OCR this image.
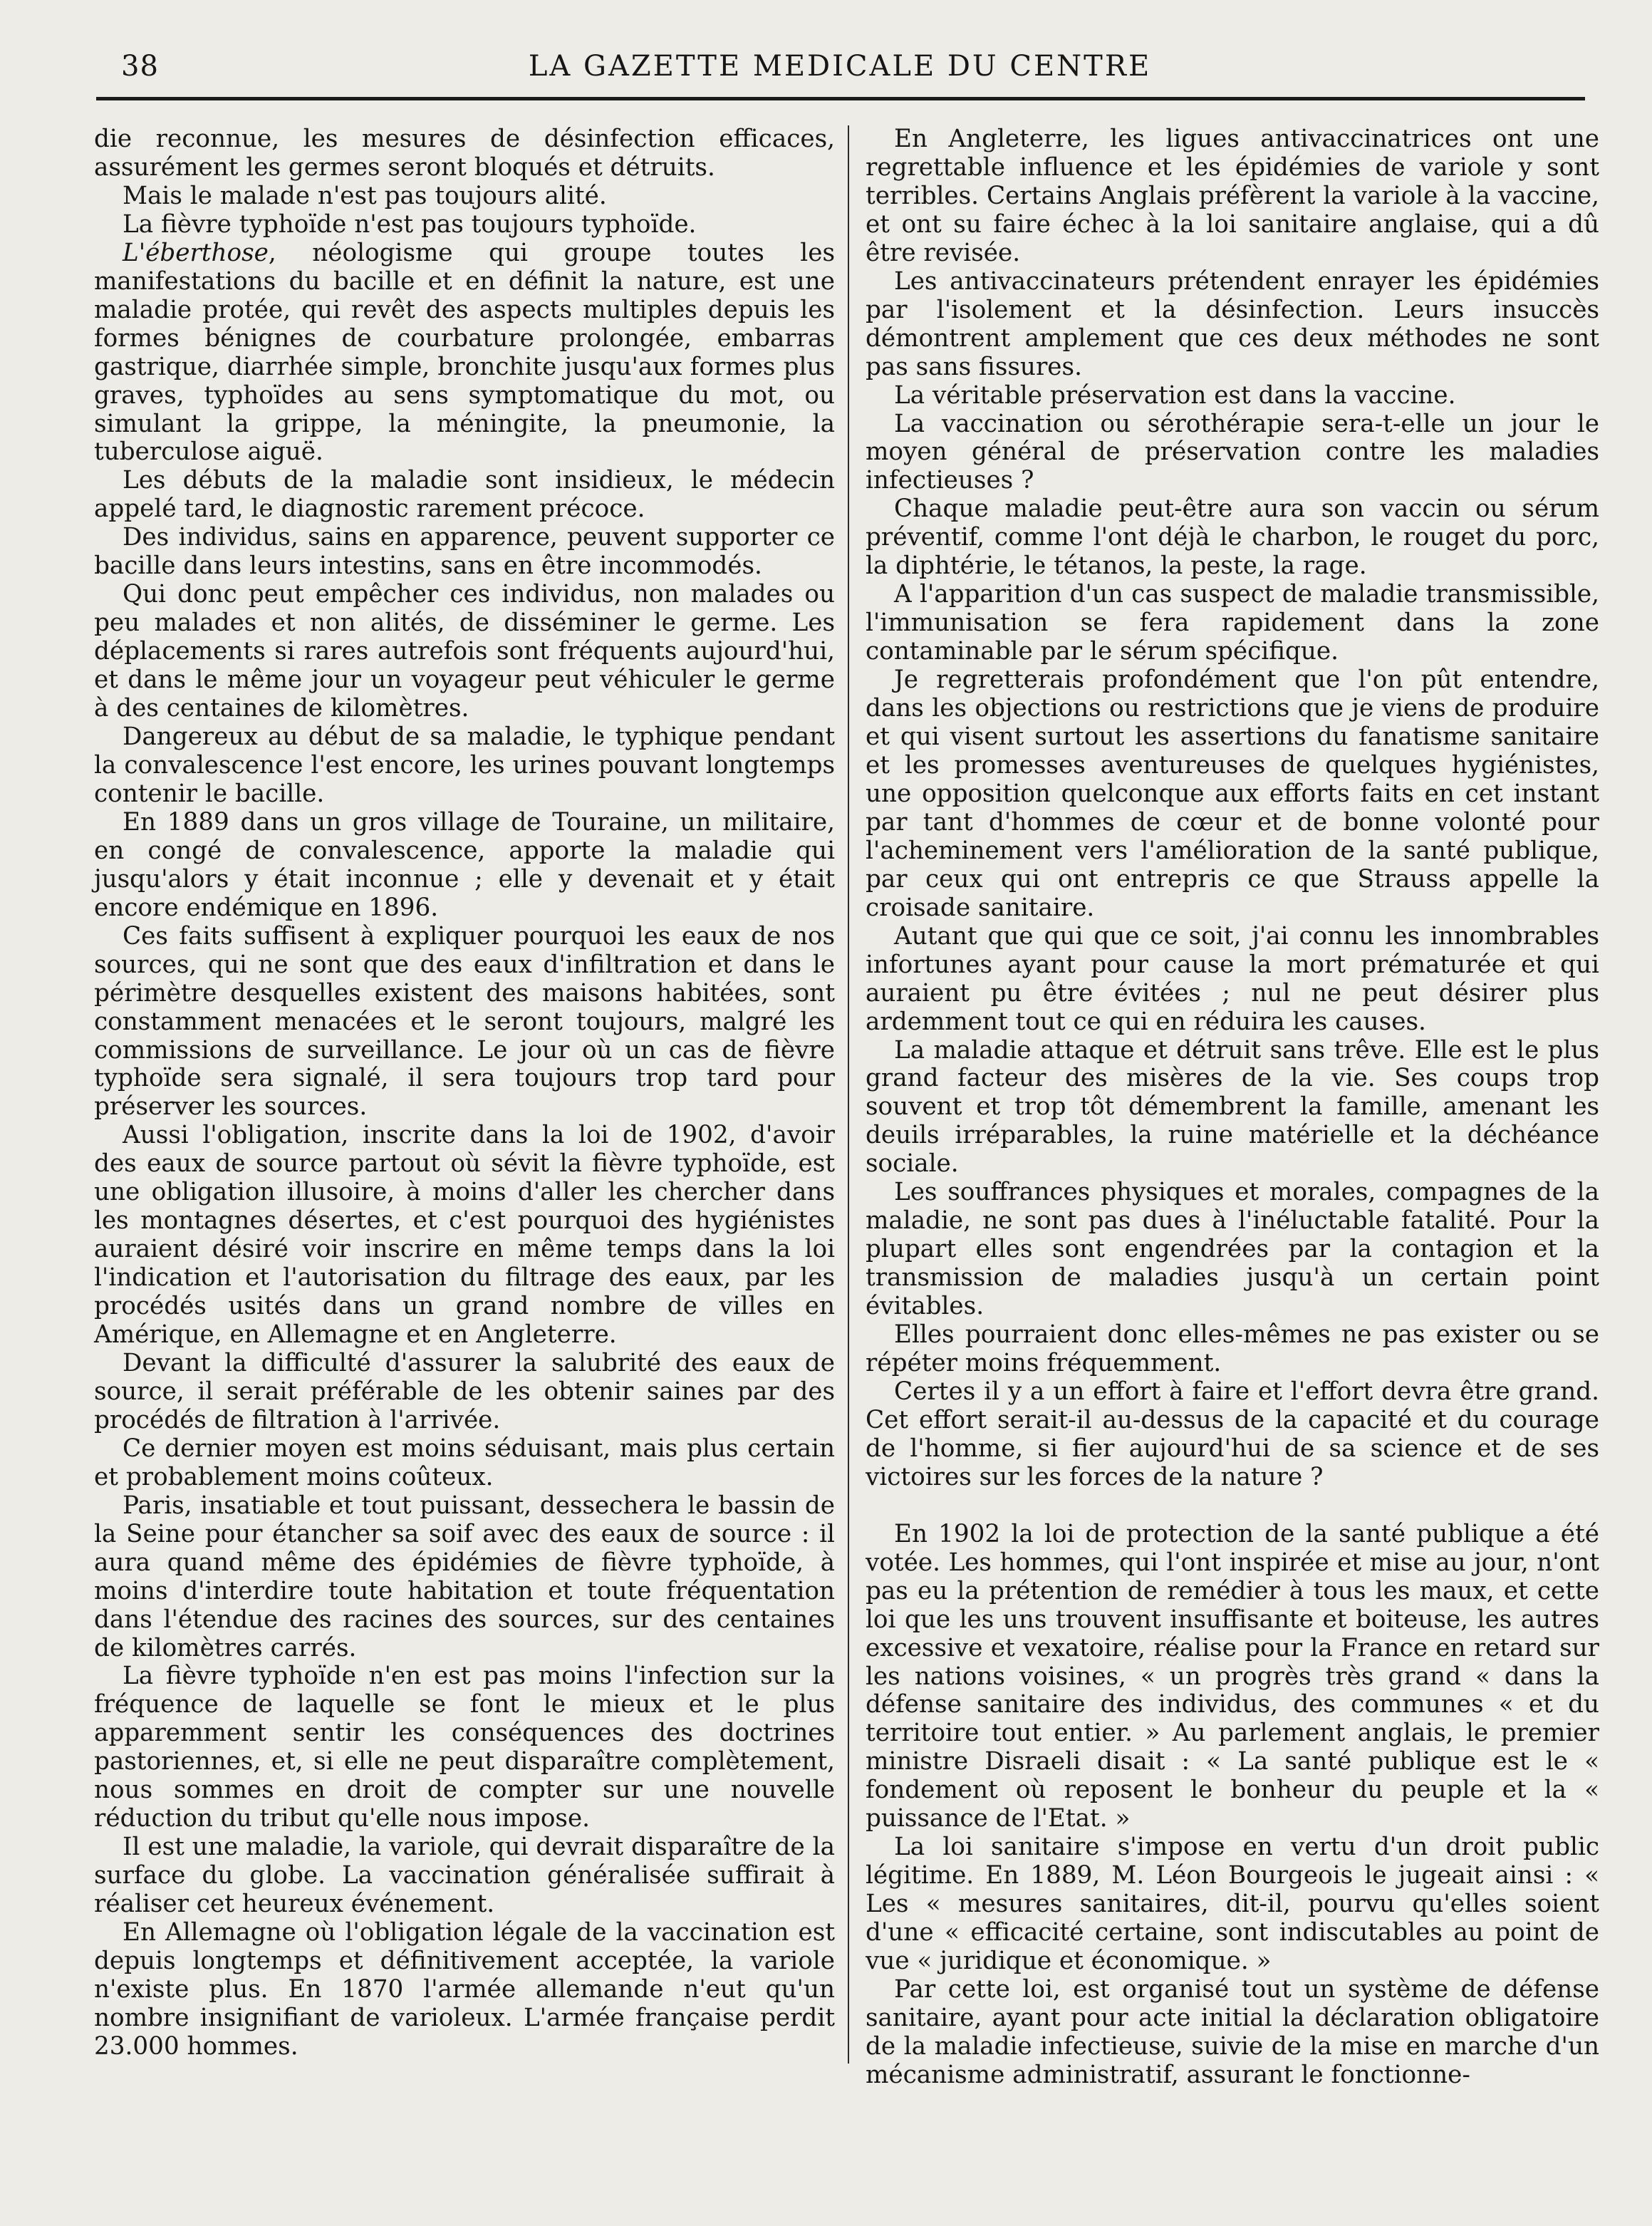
38	LA GAZETTE MEDICALE DU CENTRE

die reconnue, les mesures de désinfection efficaces, assurément les germes seront bloqués et détruits.

Mais le malade n'est pas toujours alité.

La fièvre typhoïde n'est pas toujours typhoïde.

L'éberthose, néologisme qui groupe toutes les manifestations du bacille et en définit la nature, est une maladie protée, qui revêt des aspects multiples depuis les formes bénignes de courbature prolongée, embarras gastrique, diarrhée simple, bronchite jusqu'aux formes plus graves, typhoïdes au sens symptomatique du mot, ou simulant la grippe, la méningite, la pneumonie, la tuberculose aiguë.

Les débuts de la maladie sont insidieux, le médecin appelé tard, le diagnostic rarement précoce.

Des individus, sains en apparence, peuvent supporter ce bacille dans leurs intestins, sans en être incommodés.

Qui donc peut empêcher ces individus, non malades ou peu malades et non alités, de disséminer le germe. Les déplacements si rares autrefois sont fréquents aujourd'hui, et dans le même jour un voyageur peut véhiculer le germe à des centaines de kilomètres.

Dangereux au début de sa maladie, le typhique pendant la convalescence l'est encore, les urines pouvant longtemps contenir le bacille.

En 1889 dans un gros village de Touraine, un militaire, en congé de convalescence, apporte la maladie qui jusqu'alors y était inconnue ; elle y devenait et y était encore endémique en 1896.

Ces faits suffisent à expliquer pourquoi les eaux de nos sources, qui ne sont que des eaux d'infiltration et dans le périmètre desquelles existent des maisons habitées, sont constamment menacées et le seront toujours, malgré les commissions de surveillance. Le jour où un cas de fièvre typhoïde sera signalé, il sera toujours trop tard pour préserver les sources.

Aussi l'obligation, inscrite dans la loi de 1902, d'avoir des eaux de source partout où sévit la fièvre typhoïde, est une obligation illusoire, à moins d'aller les chercher dans les montagnes désertes, et c'est pourquoi des hygiénistes auraient désiré voir inscrire en même temps dans la loi l'indication et l'autorisation du filtrage des eaux, par les procédés usités dans un grand nombre de villes en Amérique, en Allemagne et en Angleterre.

Devant la difficulté d'assurer la salubrité des eaux de source, il serait préférable de les obtenir saines par des procédés de filtration à l'arrivée.

Ce dernier moyen est moins séduisant, mais plus certain et probablement moins coûteux.

Paris, insatiable et tout puissant, dessechera le bassin de la Seine pour étancher sa soif avec des eaux de source : il aura quand même des épidémies de fièvre typhoïde, à moins d'interdire toute habitation et toute fréquentation dans l'étendue des racines des sources, sur des centaines de kilomètres carrés.

La fièvre typhoïde n'en est pas moins l'infection sur la fréquence de laquelle se font le mieux et le plus apparemment sentir les conséquences des doctrines pastoriennes, et, si elle ne peut disparaître complètement, nous sommes en droit de compter sur une nouvelle réduction du tribut qu'elle nous impose.

Il est une maladie, la variole, qui devrait disparaître de la surface du globe. La vaccination généralisée suffirait à réaliser cet heureux événement.

En Allemagne où l'obligation légale de la vaccination est depuis longtemps et définitivement acceptée, la variole n'existe plus. En 1870 l'armée allemande n'eut qu'un nombre insignifiant de varioleux. L'armée française perdit 23.000 hommes.

En Angleterre, les ligues antivaccinatrices ont une regrettable influence et les épidémies de variole y sont terribles. Certains Anglais préfèrent la variole à la vaccine, et ont su faire échec à la loi sanitaire anglaise, qui a dû être revisée.

Les antivaccinateurs prétendent enrayer les épidémies par l'isolement et la désinfection. Leurs insuccès démontrent amplement que ces deux méthodes ne sont pas sans fissures.

La véritable préservation est dans la vaccine.

La vaccination ou sérothérapie sera-t-elle un jour le moyen général de préservation contre les maladies infectieuses ?

Chaque maladie peut-être aura son vaccin ou sérum préventif, comme l'ont déjà le charbon, le rouget du porc, la diphtérie, le tétanos, la peste, la rage.

A l'apparition d'un cas suspect de maladie transmissible, l'immunisation se fera rapidement dans la zone contaminable par le sérum spécifique.

Je regretterais profondément que l'on pût entendre, dans les objections ou restrictions que je viens de produire et qui visent surtout les assertions du fanatisme sanitaire et les promesses aventureuses de quelques hygiénistes, une opposition quelconque aux efforts faits en cet instant par tant d'hommes de cœur et de bonne volonté pour l'acheminement vers l'amélioration de la santé publique, par ceux qui ont entrepris ce que Strauss appelle la croisade sanitaire.

Autant que qui que ce soit, j'ai connu les innombrables infortunes ayant pour cause la mort prématurée et qui auraient pu être évitées ; nul ne peut désirer plus ardemment tout ce qui en réduira les causes.

La maladie attaque et détruit sans trêve. Elle est le plus grand facteur des misères de la vie. Ses coups trop souvent et trop tôt démembrent la famille, amenant les deuils irréparables, la ruine matérielle et la déchéance sociale.

Les souffrances physiques et morales, compagnes de la maladie, ne sont pas dues à l'inéluctable fatalité. Pour la plupart elles sont engendrées par la contagion et la transmission de maladies jusqu'à un certain point évitables.

Elles pourraient donc elles-mêmes ne pas exister ou se répéter moins fréquemment.

Certes il y a un effort à faire et l'effort devra être grand. Cet effort serait-il au-dessus de la capacité et du courage de l'homme, si fier aujourd'hui de sa science et de ses victoires sur les forces de la nature ?

En 1902 la loi de protection de la santé publique a été votée. Les hommes, qui l'ont inspirée et mise au jour, n'ont pas eu la prétention de remédier à tous les maux, et cette loi que les uns trouvent insuffisante et boiteuse, les autres excessive et vexatoire, réalise pour la France en retard sur les nations voisines, « un progrès très grand « dans la défense sanitaire des individus, des communes « et du territoire tout entier. » Au parlement anglais, le premier ministre Disraeli disait : « La santé publique est le « fondement où reposent le bonheur du peuple et la « puissance de l'Etat. »

La loi sanitaire s'impose en vertu d'un droit public légitime. En 1889, M. Léon Bourgeois le jugeait ainsi : « Les « mesures sanitaires, dit-il, pourvu qu'elles soient d'une « efficacité certaine, sont indiscutables au point de vue « juridique et économique. »

Par cette loi, est organisé tout un système de défense sanitaire, ayant pour acte initial la déclaration obligatoire de la maladie infectieuse, suivie de la mise en marche d'un mécanisme administratif, assurant le fonctionne-
